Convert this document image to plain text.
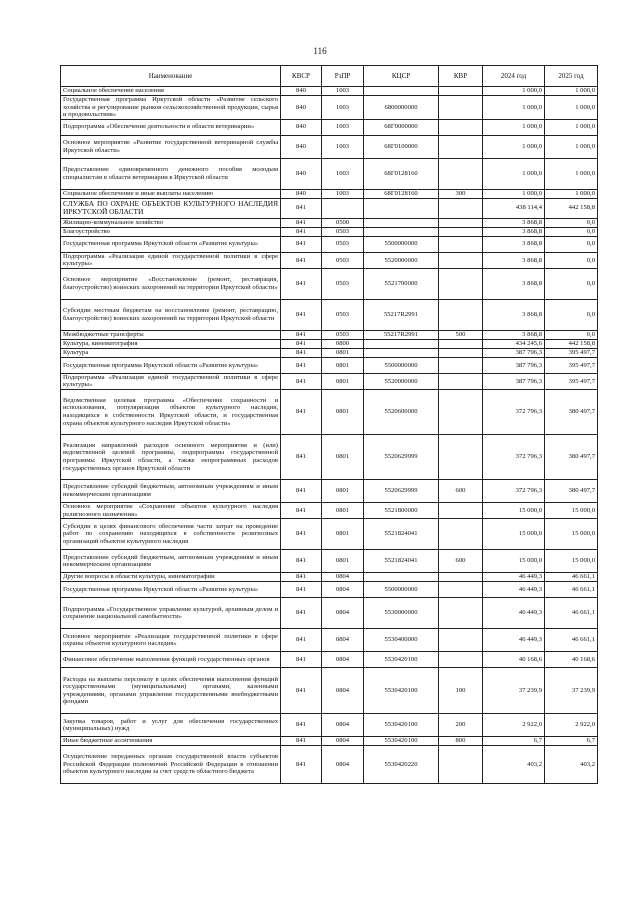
116
Наименование	КВСР	РзПР	КЦСР	КВР	2024 год	2025 год
Социальное обеспечение населения	840	1003			1 000,0	1 000,0
Государственная программа Иркутской области «Развитие сельского хозяйства и регулирование рынков сельскохозяйственной продукции, сырья и продовольствия»	840	1003	6800000000		1 000,0	1 000,0
Подпрограмма «Обеспечение деятельности в области ветеринарии»	840	1003	68Г0000000		1 000,0	1 000,0
Основное мероприятие «Развитие государственной ветеринарной службы Иркутской области»	840	1003	68Г0100000		1 000,0	1 000,0
Предоставление единовременного денежного пособия молодым специалистам в области ветеринарии в Иркутской области	840	1003	68Г0128160		1 000,0	1 000,0
Социальное обеспечение и иные выплаты населению	840	1003	68Г0128160	300	1 000,0	1 000,0
СЛУЖБА ПО ОХРАНЕ ОБЪЕКТОВ КУЛЬТУРНОГО НАСЛЕДИЯ ИРКУТСКОЙ ОБЛАСТИ	841				438 114,4	442 158,8
Жилищно-коммунальное хозяйство	841	0500			3 868,8	0,0
Благоустройство	841	0503			3 868,8	0,0
Государственная программа Иркутской области «Развитие культуры»	841	0503	5500000000		3 868,8	0,0
Подпрограмма «Реализация единой государственной политики в сфере культуры»	841	0503	5520000000		3 868,8	0,0
Основное мероприятие «Восстановление (ремонт, реставрация, благоустройство) воинских захоронений на территории Иркутской области»	841	0503	5521700000		3 868,8	0,0
Субсидии местным бюджетам на восстановление (ремонт, реставрацию, благоустройство) воинских захоронений на территории Иркутской области	841	0503	55217R2991		3 868,8	0,0
Межбюджетные трансферты	841	0503	55217R2991	500	3 868,8	0,0
Культура, кинематография	841	0800			434 245,6	442 158,8
Культура	841	0801			387 796,3	395 497,7
Государственная программа Иркутской области «Развитие культуры»	841	0801	5500000000		387 796,3	395 497,7
Подпрограмма «Реализация единой государственной политики в сфере культуры»	841	0801	5520000000		387 796,3	395 497,7
Ведомственная целевая программа «Обеспечение сохранности и использования, популяризация объектов культурного наследия, находящихся в собственности Иркутской области, и государственная охрана объектов культурного наследия Иркутской области»	841	0801	5520600000		372 796,3	380 497,7
Реализация направлений расходов основного мероприятия и (или) ведомственной целевой программы, подпрограммы государственной программы Иркутской области, а также непрограммных расходов государственных органов Иркутской области	841	0801	5520629999		372 796,3	380 497,7
Предоставление субсидий бюджетным, автономным учреждениям и иным некоммерческим организациям	841	0801	5520629999	600	372 796,3	380 497,7
Основное мероприятие «Сохранение объектов культурного наследия религиозного назначения»	841	0801	5521800000		15 000,0	15 000,0
Субсидии в целях финансового обеспечения части затрат на проведение работ по сохранению находящихся в собственности религиозных организаций объектов культурного наследия	841	0801	5521824041		15 000,0	15 000,0
Предоставление субсидий бюджетным, автономным учреждениям и иным некоммерческим организациям	841	0801	5521824041	600	15 000,0	15 000,0
Другие вопросы в области культуры, кинематографии	841	0804			46 449,3	46 661,1
Государственная программа Иркутской области «Развитие культуры»	841	0804	5500000000		46 449,3	46 661,1
Подпрограмма «Государственное управление культурой, архивным делом и сохранение национальной самобытности»	841	0804	5530000000		46 449,3	46 661,1
Основное мероприятие «Реализация государственной политики в сфере охраны объектов культурного наследия»	841	0804	5530400000		46 449,3	46 661,1
Финансовое обеспечение выполнения функций государственных органов	841	0804	5530420100		40 168,6	40 168,6
Расходы на выплаты персоналу в целях обеспечения выполнения функций государственными (муниципальными) органами, казенными учреждениями, органами управления государственными внебюджетными фондами	841	0804	5530420100	100	37 239,9	37 239,9
Закупка товаров, работ и услуг для обеспечения государственных (муниципальных) нужд	841	0804	5530420100	200	2 922,0	2 922,0
Иные бюджетные ассигнования	841	0804	5530420100	800	6,7	6,7
Осуществление переданных органам государственной власти субъектов Российской Федерации полномочий Российской Федерации в отношении объектов культурного наследия за счет средств областного бюджета	841	0804	5530420220		403,2	403,2
